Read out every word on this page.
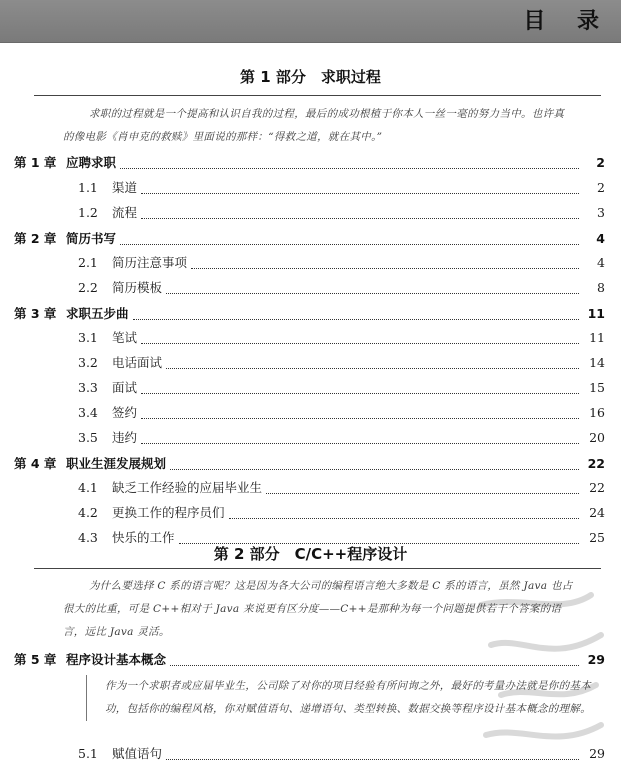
目 录
第 1 部分　求职过程

求职的过程就是一个提高和认识自我的过程，最后的成功根植于你本人一丝一毫的努力当中。也许真的像电影《肖申克的救赎》里面说的那样：“得救之道，就在其中。”

第 1 章 应聘求职	2
1.1 渠道	2
1.2 流程	3
第 2 章 简历书写	4
2.1 简历注意事项	4
2.2 简历模板	8
第 3 章 求职五步曲	11
3.1 笔试	11
3.2 电话面试	14
3.3 面试	15
3.4 签约	16
3.5 违约	20
第 4 章 职业生涯发展规划	22
4.1 缺乏工作经验的应届毕业生	22
4.2 更换工作的程序员们	24
4.3 快乐的工作	25
第 2 部分　C/C++程序设计

为什么要选择 C 系的语言呢？这是因为各大公司的编程语言绝大多数是 C 系的语言，虽然 Java 也占很大的比重，可是 C++相对于 Java 来说更有区分度——C++是那种为每一个问题提供若干个答案的语言，远比 Java 灵活。

第 5 章 程序设计基本概念	29

作为一个求职者或应届毕业生，公司除了对你的项目经验有所问询之外，最好的考量办法就是你的基本功，包括你的编程风格，你对赋值语句、递增语句、类型转换、数据交换等程序设计基本概念的理解。

5.1 赋值语句	29
